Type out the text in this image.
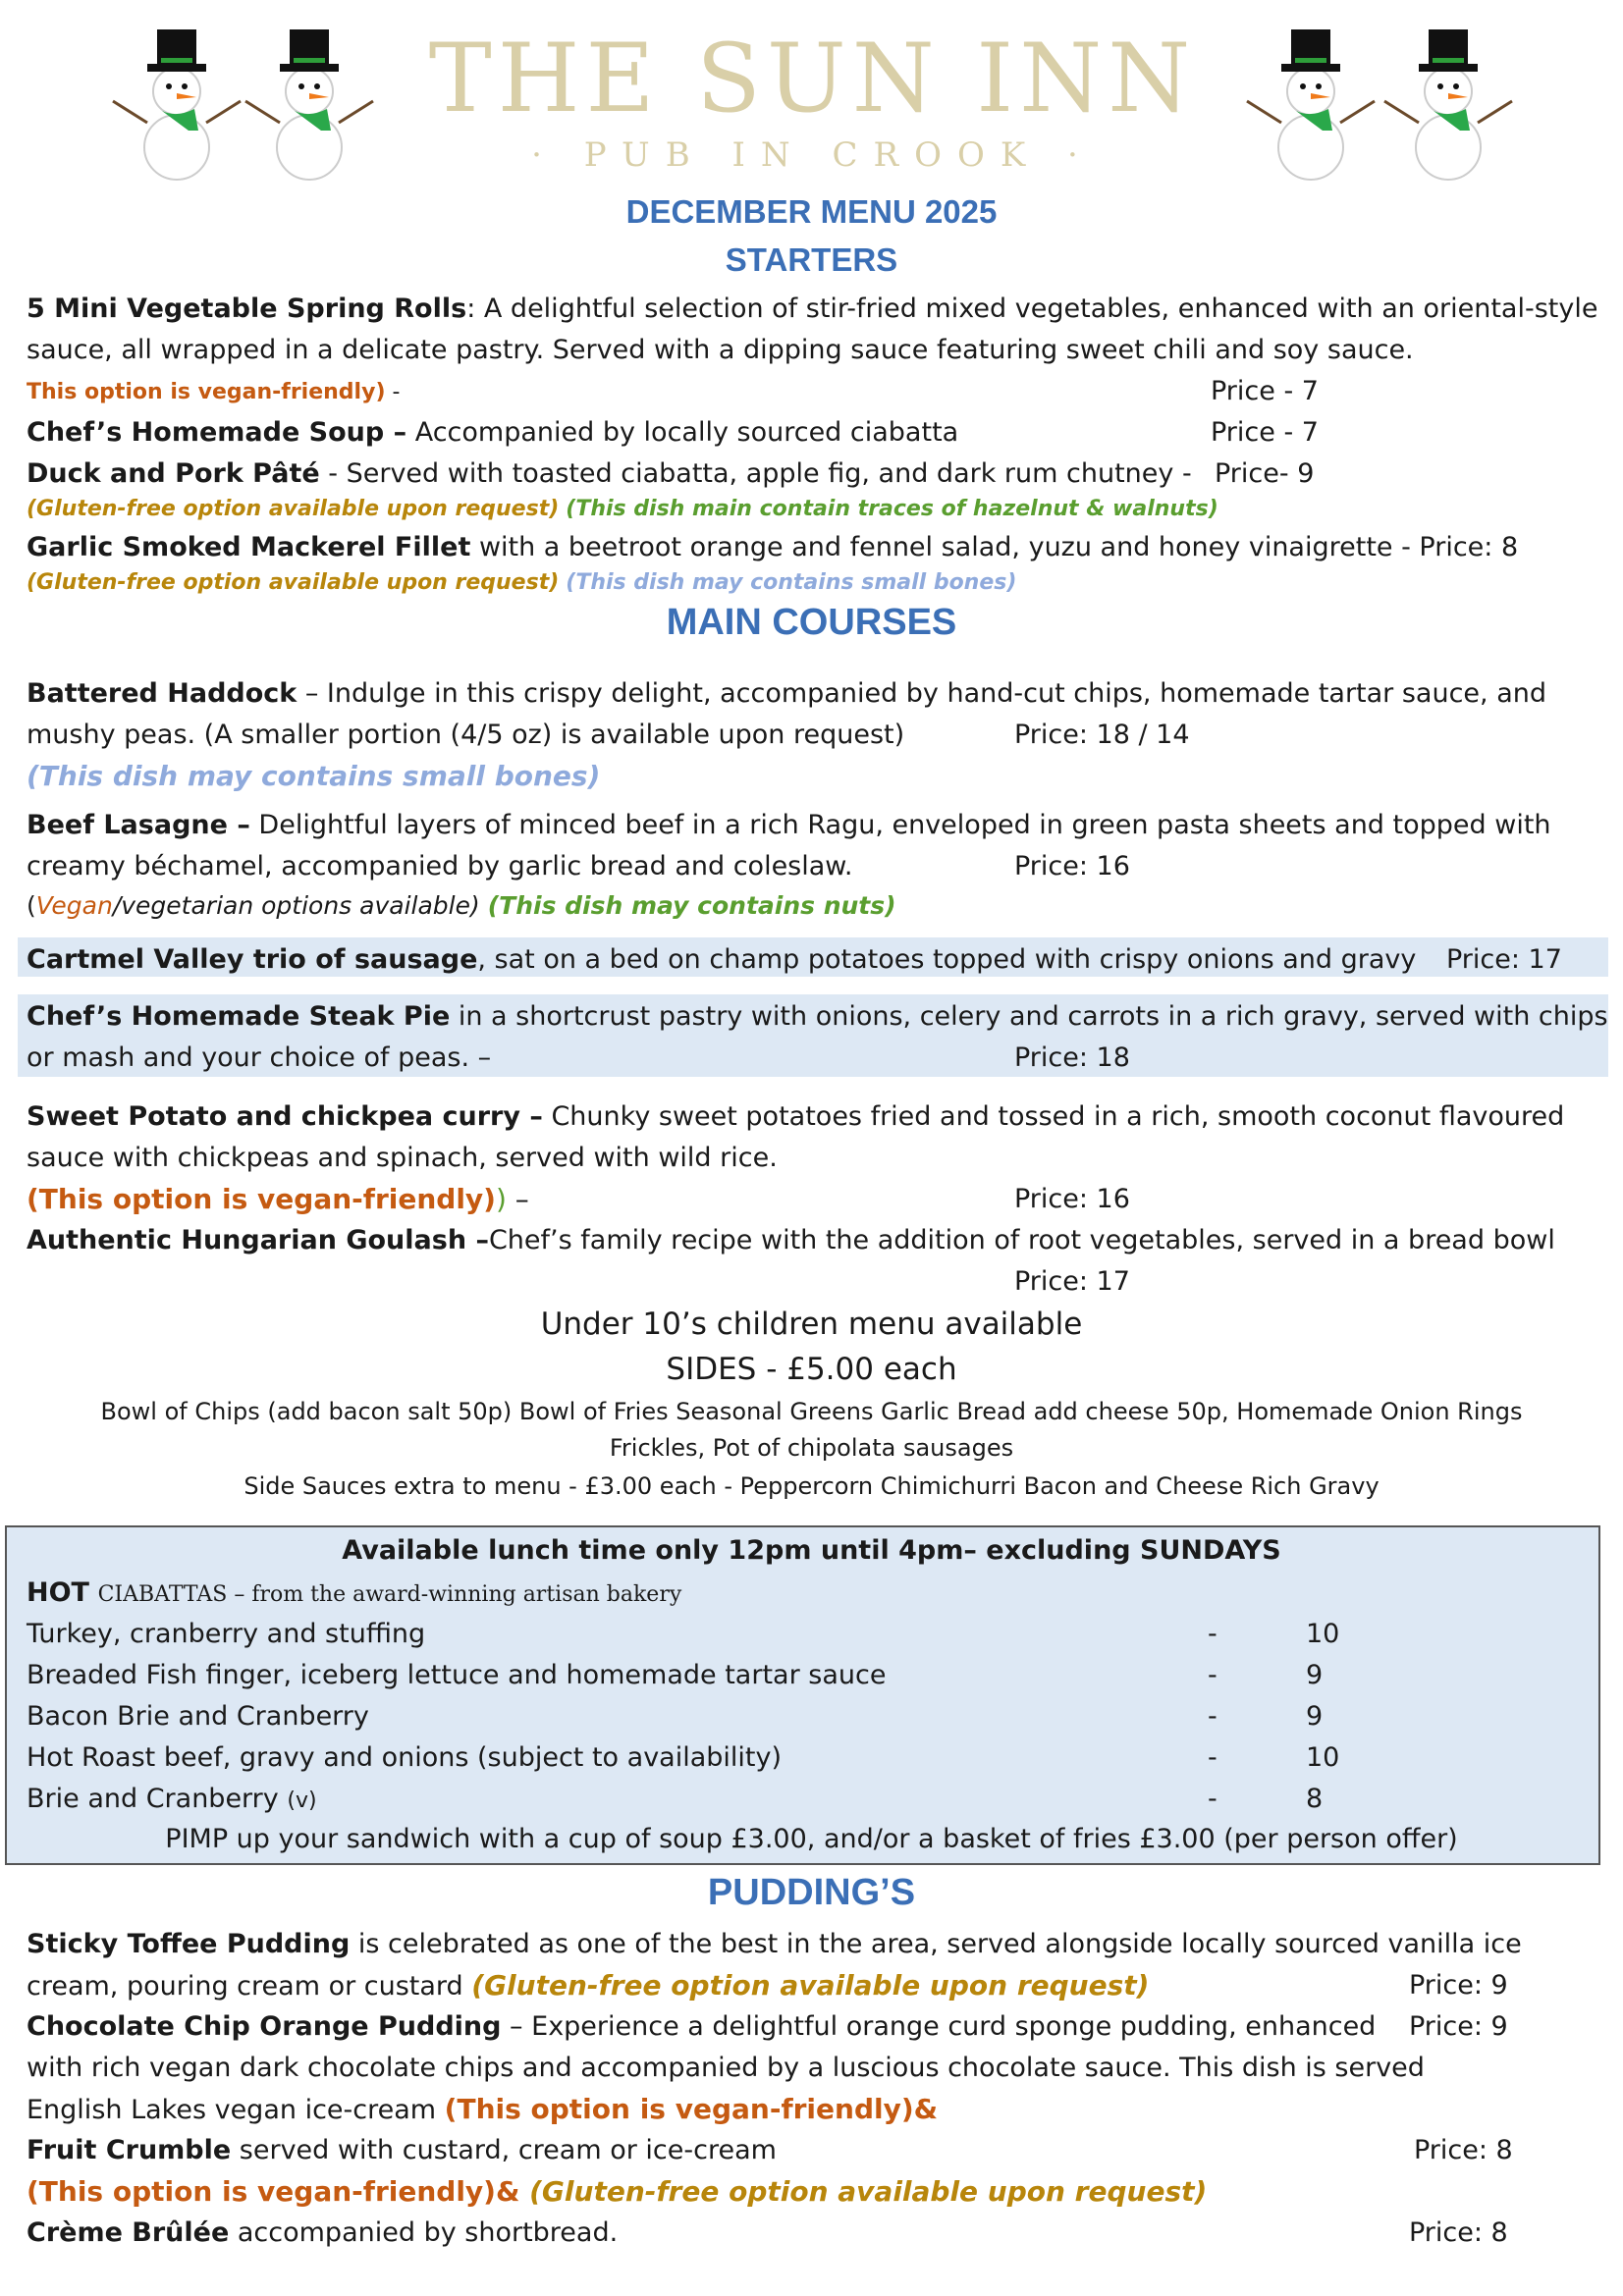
THE SUN INN
· PUB IN CROOK ·
DECEMBER MENU 2025
STARTERS
5 Mini Vegetable Spring Rolls: A delightful selection of stir-fried mixed vegetables, enhanced with an oriental-style
sauce, all wrapped in a delicate pastry. Served with a dipping sauce featuring sweet chili and soy sauce.
This option is vegan-friendly) -	Price - 7
Chef’s Homemade Soup – Accompanied by locally sourced ciabatta	Price - 7
Duck and Pork Pâté - Served with toasted ciabatta, apple fig, and dark rum chutney - Price- 9
(Gluten-free option available upon request) (This dish main contain traces of hazelnut & walnuts)
Garlic Smoked Mackerel Fillet with a beetroot orange and fennel salad, yuzu and honey vinaigrette - Price: 8
(Gluten-free option available upon request) (This dish may contains small bones)
MAIN COURSES
Battered Haddock – Indulge in this crispy delight, accompanied by hand-cut chips, homemade tartar sauce, and
mushy peas. (A smaller portion (4/5 oz) is available upon request)	Price: 18 / 14
(This dish may contains small bones)
Beef Lasagne – Delightful layers of minced beef in a rich Ragu, enveloped in green pasta sheets and topped with
creamy béchamel, accompanied by garlic bread and coleslaw.	Price: 16
(Vegan/vegetarian options available) (This dish may contains nuts)
Cartmel Valley trio of sausage, sat on a bed on champ potatoes topped with crispy onions and gravy Price: 17
Chef’s Homemade Steak Pie in a shortcrust pastry with onions, celery and carrots in a rich gravy, served with chips
or mash and your choice of peas. –	Price: 18
Sweet Potato and chickpea curry – Chunky sweet potatoes fried and tossed in a rich, smooth coconut flavoured
sauce with chickpeas and spinach, served with wild rice.
(This option is vegan-friendly)) –	Price: 16
Authentic Hungarian Goulash –Chef’s family recipe with the addition of root vegetables, served in a bread bowl
Price: 17
Under 10’s children menu available
SIDES - £5.00 each
Bowl of Chips (add bacon salt 50p) Bowl of Fries Seasonal Greens Garlic Bread add cheese 50p, Homemade Onion Rings
Frickles, Pot of chipolata sausages
Side Sauces extra to menu - £3.00 each - Peppercorn Chimichurri Bacon and Cheese Rich Gravy
Available lunch time only 12pm until 4pm– excluding SUNDAYS
HOT CIABATTAS – from the award-winning artisan bakery
Turkey, cranberry and stuffing	-	10
Breaded Fish finger, iceberg lettuce and homemade tartar sauce	-	9
Bacon Brie and Cranberry	-	9
Hot Roast beef, gravy and onions (subject to availability)	-	10
Brie and Cranberry (v)	-	8
PIMP up your sandwich with a cup of soup £3.00, and/or a basket of fries £3.00 (per person offer)
PUDDING’S
Sticky Toffee Pudding is celebrated as one of the best in the area, served alongside locally sourced vanilla ice
cream, pouring cream or custard (Gluten-free option available upon request)	Price: 9
Chocolate Chip Orange Pudding – Experience a delightful orange curd sponge pudding, enhanced Price: 9
with rich vegan dark chocolate chips and accompanied by a luscious chocolate sauce. This dish is served
English Lakes vegan ice-cream (This option is vegan-friendly)&
Fruit Crumble served with custard, cream or ice-cream	Price: 8
(This option is vegan-friendly)& (Gluten-free option available upon request)
Crème Brûlée accompanied by shortbread.	Price: 8
